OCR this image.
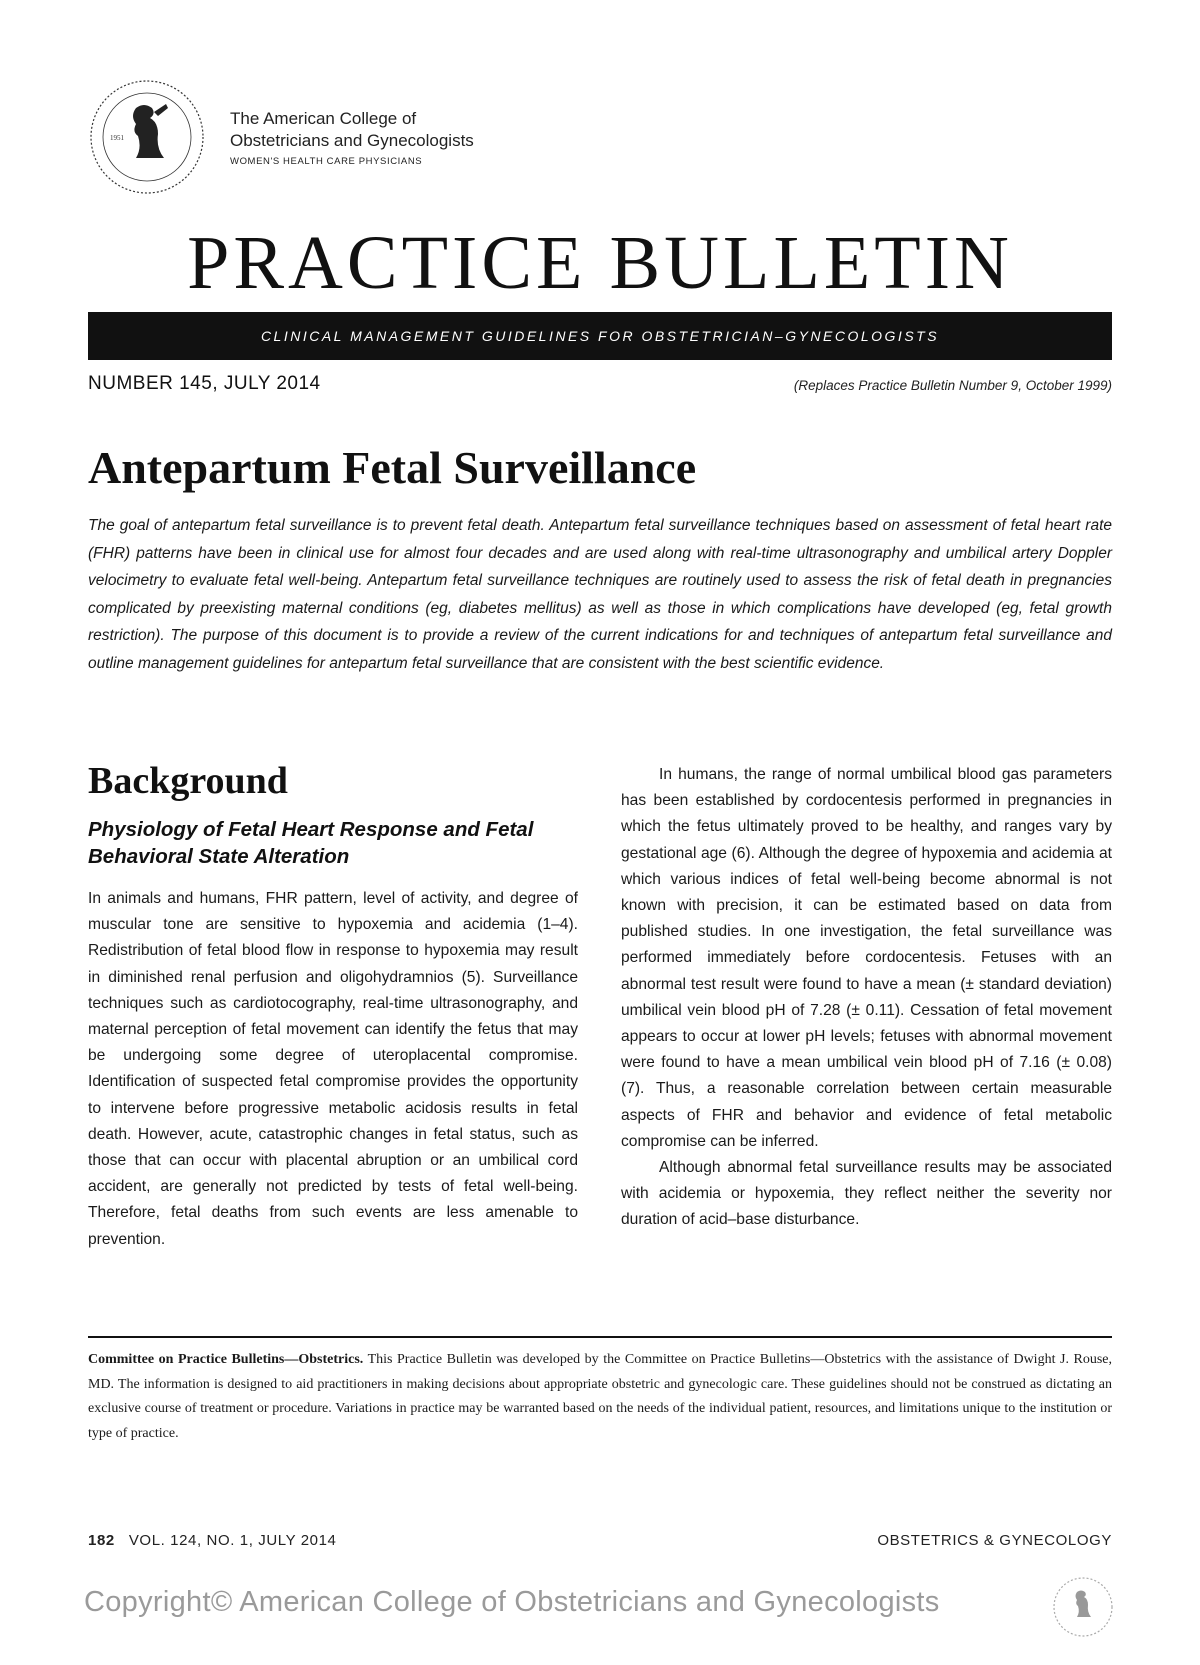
1951
The American College of
Obstetricians and Gynecologists
WOMEN'S HEALTH CARE PHYSICIANS
PRACTICE BULLETIN
CLINICAL MANAGEMENT GUIDELINES FOR OBSTETRICIAN–GYNECOLOGISTS
NUMBER 145, JULY 2014	(Replaces Practice Bulletin Number 9, October 1999)
Antepartum Fetal Surveillance
The goal of antepartum fetal surveillance is to prevent fetal death. Antepartum fetal surveillance techniques based on assessment of fetal heart rate (FHR) patterns have been in clinical use for almost four decades and are used along with real-time ultrasonography and umbilical artery Doppler velocimetry to evaluate fetal well-being. Antepartum fetal surveillance techniques are routinely used to assess the risk of fetal death in pregnancies complicated by preexisting maternal conditions (eg, diabetes mellitus) as well as those in which complications have developed (eg, fetal growth restriction). The purpose of this document is to provide a review of the current indications for and techniques of antepartum fetal surveillance and outline management guidelines for antepartum fetal surveillance that are consistent with the best scientific evidence.
Background
Physiology of Fetal Heart Response and Fetal Behavioral State Alteration

In animals and humans, FHR pattern, level of activity, and degree of muscular tone are sensitive to hypoxemia and acidemia (1–4). Redistribution of fetal blood flow in response to hypoxemia may result in diminished renal perfusion and oligohydramnios (5). Surveillance techniques such as cardiotocography, real-time ultrasonography, and maternal perception of fetal movement can identify the fetus that may be undergoing some degree of uteroplacental compromise. Identification of suspected fetal compromise provides the opportunity to intervene before progressive metabolic acidosis results in fetal death. However, acute, catastrophic changes in fetal status, such as those that can occur with placental abruption or an umbilical cord accident, are generally not predicted by tests of fetal well-being. Therefore, fetal deaths from such events are less amenable to prevention.

In humans, the range of normal umbilical blood gas parameters has been established by cordocentesis performed in pregnancies in which the fetus ultimately proved to be healthy, and ranges vary by gestational age (6). Although the degree of hypoxemia and acidemia at which various indices of fetal well-being become abnormal is not known with precision, it can be estimated based on data from published studies. In one investigation, the fetal surveillance was performed immediately before cordocentesis. Fetuses with an abnormal test result were found to have a mean (± standard deviation) umbilical vein blood pH of 7.28 (± 0.11). Cessation of fetal movement appears to occur at lower pH levels; fetuses with abnormal movement were found to have a mean umbilical vein blood pH of 7.16 (± 0.08) (7). Thus, a reasonable correlation between certain measurable aspects of FHR and behavior and evidence of fetal metabolic compromise can be inferred.

Although abnormal fetal surveillance results may be associated with acidemia or hypoxemia, they reflect neither the severity nor duration of acid–base disturbance.

Committee on Practice Bulletins—Obstetrics. This Practice Bulletin was developed by the Committee on Practice Bulletins—Obstetrics with the assistance of Dwight J. Rouse, MD. The information is designed to aid practitioners in making decisions about appropriate obstetric and gynecologic care. These guidelines should not be construed as dictating an exclusive course of treatment or procedure. Variations in practice may be warranted based on the needs of the individual patient, resources, and limitations unique to the institution or type of practice.
182 VOL. 124, NO. 1, JULY 2014	OBSTETRICS & GYNECOLOGY
Copyright© American College of Obstetricians and Gynecologists
